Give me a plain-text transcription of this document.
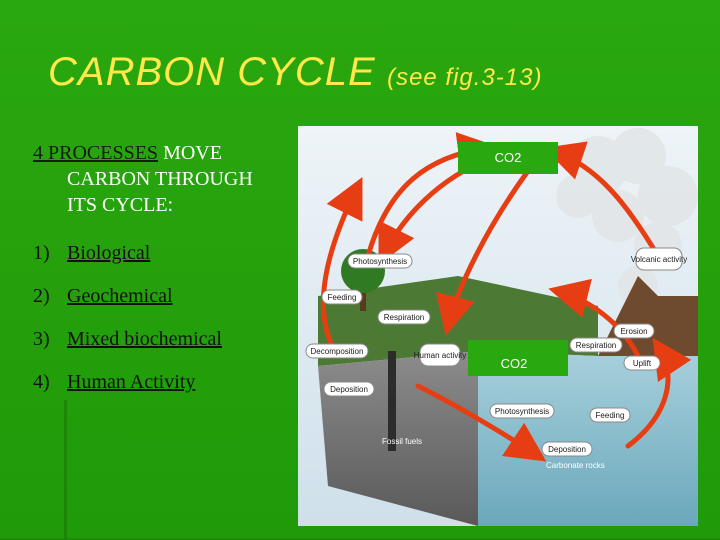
CARBON CYCLE (see fig.3-13)
4 PROCESSES MOVE
CARBON THROUGH
ITS CYCLE:
1) Biological
2) Geochemical
3) Mixed biochemical
4) Human Activity
CO2
CO2
Photosynthesis	Volcanic activity
Feeding
Respiration
Decomposition	Human activity
Erosion
Respiration
Uplift
Deposition
Photosynthesis	Feeding
Deposition
Fossil fuels
Carbonate rocks
